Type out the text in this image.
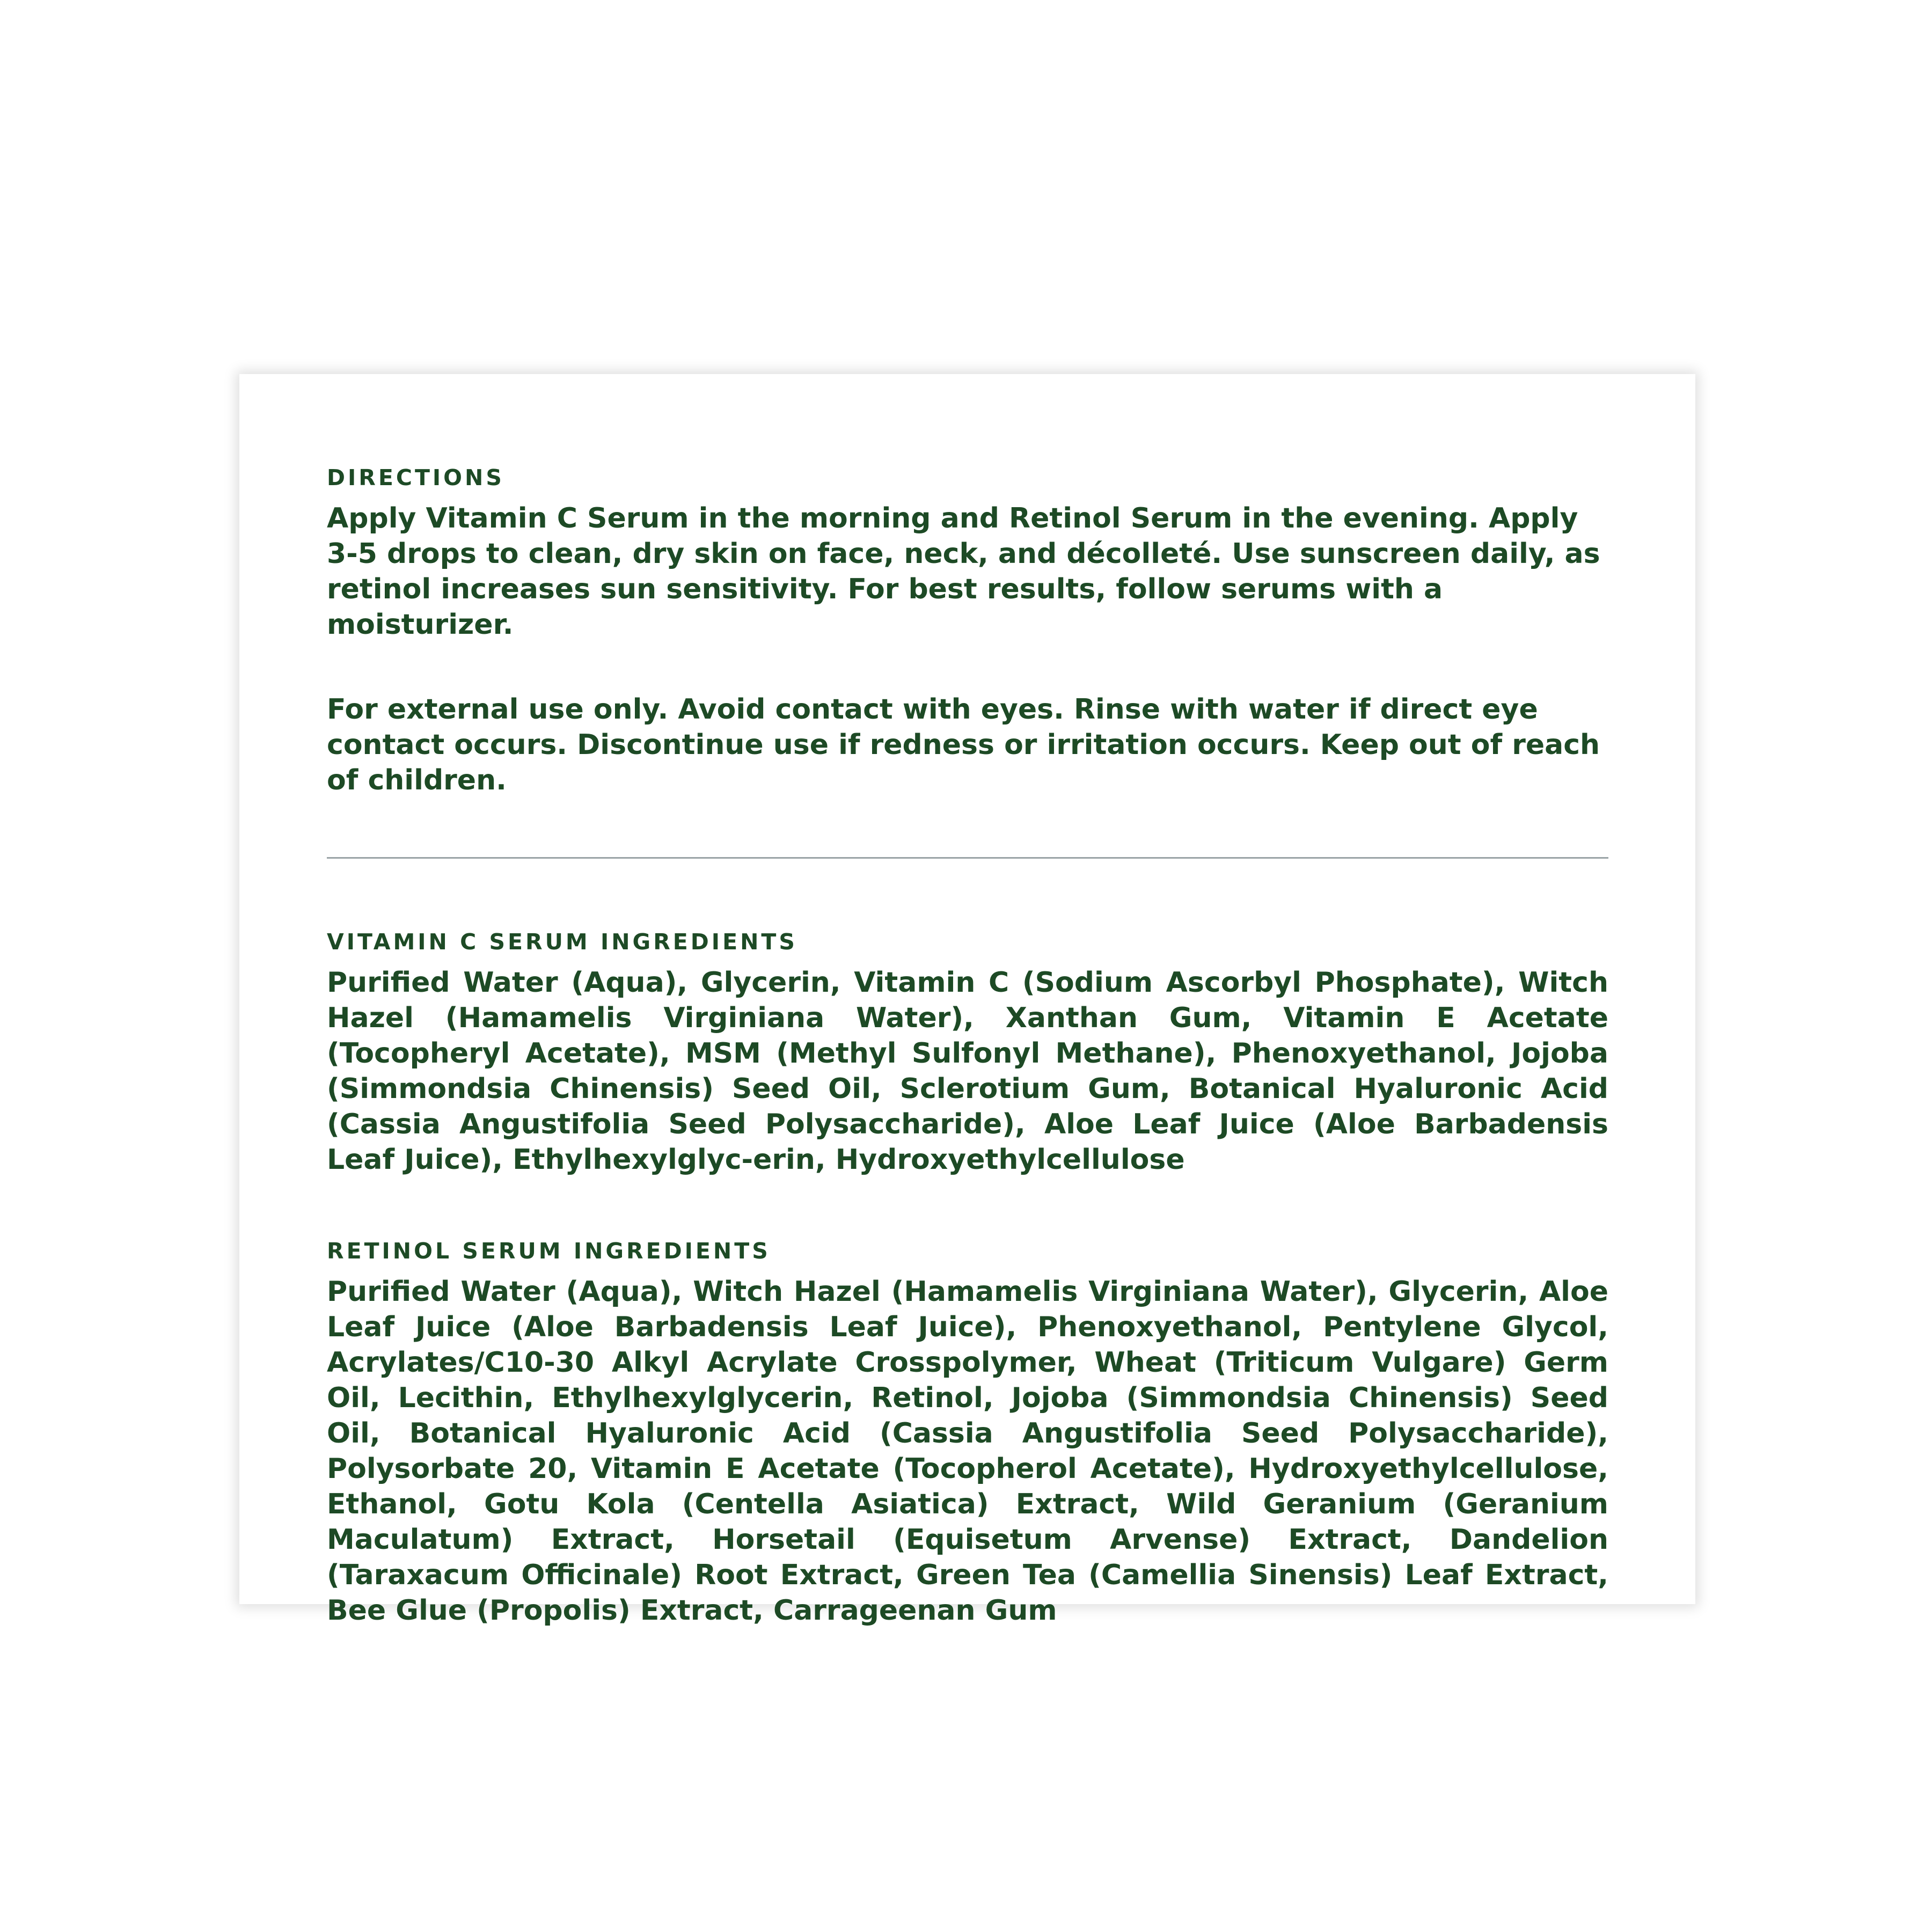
DIRECTIONS

Apply Vitamin C Serum in the morning and Retinol Serum in the evening. Apply 3-5 drops to clean, dry skin on face, neck, and décolleté. Use sunscreen daily, as retinol increases sun sensitivity. For best results, follow serums with a moisturizer.

For external use only. Avoid contact with eyes. Rinse with water if direct eye contact occurs. Discontinue use if redness or irritation occurs. Keep out of reach of children.

VITAMIN C SERUM INGREDIENTS

Purified Water (Aqua), Glycerin, Vitamin C (Sodium Ascorbyl Phosphate), Witch Hazel (Hamamelis Virginiana Water), Xanthan Gum, Vitamin E Acetate (Tocopheryl Acetate), MSM (Methyl Sulfonyl Methane), Phenoxyethanol, Jojoba (Simmondsia Chinensis) Seed Oil, Sclerotium Gum, Botanical Hyaluronic Acid (Cassia Angustifolia Seed Polysaccharide), Aloe Leaf Juice (Aloe Barbadensis Leaf Juice), Ethylhexylglyc-erin, Hydroxyethylcellulose

RETINOL SERUM INGREDIENTS

Purified Water (Aqua), Witch Hazel (Hamamelis Virginiana Water), Glycerin, Aloe Leaf Juice (Aloe Barbadensis Leaf Juice), Phenoxyethanol, Pentylene Glycol, Acrylates/C10-30 Alkyl Acrylate Crosspolymer, Wheat (Triticum Vulgare) Germ Oil, Lecithin, Ethylhexylglycerin, Retinol, Jojoba (Simmondsia Chinensis) Seed Oil, Botanical Hyaluronic Acid (Cassia Angustifolia Seed Polysaccharide), Polysorbate 20, Vitamin E Acetate (Tocopherol Acetate), Hydroxyethylcellulose, Ethanol, Gotu Kola (Centella Asiatica) Extract, Wild Geranium (Geranium Maculatum) Extract, Horsetail (Equisetum Arvense) Extract, Dandelion (Taraxacum Officinale) Root Extract, Green Tea (Camellia Sinensis) Leaf Extract, Bee Glue (Propolis) Extract, Carrageenan Gum
